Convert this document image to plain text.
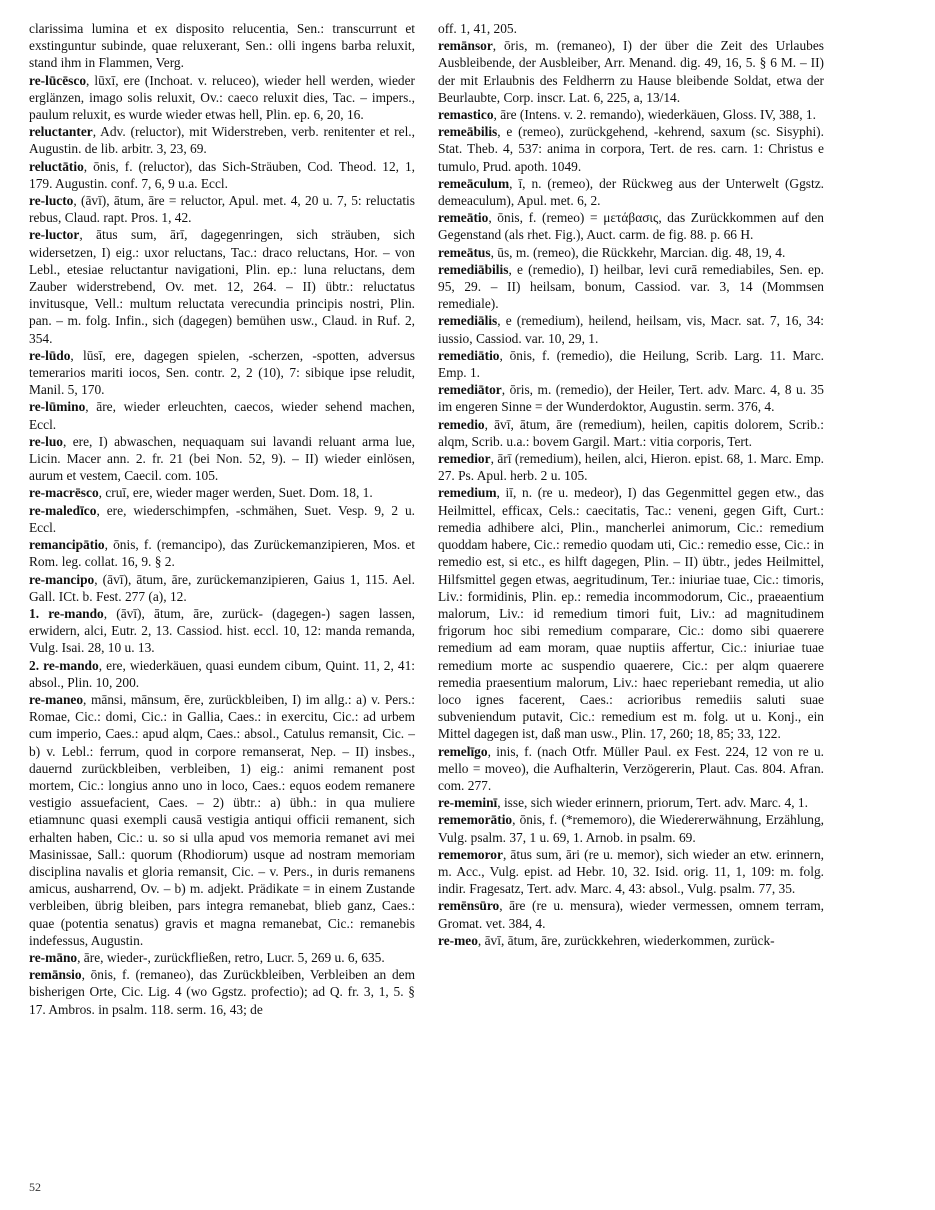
clarissima lumina et ex disposito relucentia, Sen.: transcurrunt et exstinguntur subinde, quae reluxerant, Sen.: olli ingens barba reluxit, stand ihm in Flammen, Verg.

re-lūcēsco, lūxī, ere (Inchoat. v. reluceo), wieder hell werden, wieder erglänzen, imago solis reluxit, Ov.: caeco reluxit dies, Tac. – impers., paulum reluxit, es wurde wieder etwas hell, Plin. ep. 6, 20, 16.

reluctanter, Adv. (reluctor), mit Widerstreben, verb. renitenter et rel., Augustin. de lib. arbitr. 3, 23, 69.

reluctātio, ōnis, f. (reluctor), das Sich-Sträuben, Cod. Theod. 12, 1, 179. Augustin. conf. 7, 6, 9 u.a. Eccl.

re-lucto, (āvī), ātum, āre = reluctor, Apul. met. 4, 20 u. 7, 5: reluctatis rebus, Claud. rapt. Pros. 1, 42.

re-luctor, ātus sum, ārī, dagegenringen, sich sträuben, sich widersetzen, I) eig.: uxor reluctans, Tac.: draco reluctans, Hor. – von Lebl., etesiae reluctantur navigationi, Plin. ep.: luna reluctans, dem Zauber widerstrebend, Ov. met. 12, 264. – II) übtr.: reluctatus invitusque, Vell.: multum reluctata verecundia principis nostri, Plin. pan. – m. folg. Infin., sich (dagegen) bemühen usw., Claud. in Ruf. 2, 354.

re-lūdo, lūsī, ere, dagegen spielen, -scherzen, -spotten, adversus temerarios mariti iocos, Sen. contr. 2, 2 (10), 7: sibique ipse reludit, Manil. 5, 170.

re-lūmino, āre, wieder erleuchten, caecos, wieder sehend machen, Eccl.

re-luo, ere, I) abwaschen, nequaquam sui lavandi reluant arma lue, Licin. Macer ann. 2. fr. 21 (bei Non. 52, 9). – II) wieder einlösen, aurum et vestem, Caecil. com. 105.

re-macrēsco, cruī, ere, wieder mager werden, Suet. Dom. 18, 1.

re-maledīco, ere, wiederschimpfen, -schmähen, Suet. Vesp. 9, 2 u. Eccl.

remancipātio, ōnis, f. (remancipo), das Zurückemanzipieren, Mos. et Rom. leg. collat. 16, 9. § 2.

re-mancipo, (āvī), ātum, āre, zurückemanzipieren, Gaius 1, 115. Ael. Gall. ICt. b. Fest. 277 (a), 12.

1. re-mando, (āvī), ātum, āre, zurück- (dagegen-) sagen lassen, erwidern, alci, Eutr. 2, 13. Cassiod. hist. eccl. 10, 12: manda remanda, Vulg. Isai. 28, 10 u. 13.

2. re-mando, ere, wiederkäuen, quasi eundem cibum, Quint. 11, 2, 41: absol., Plin. 10, 200.

re-maneo, mānsi, mānsum, ēre, zurückbleiben, I) im allg.: a) v. Pers.: Romae, Cic.: domi, Cic.: in Gallia, Caes.: in exercitu, Cic.: ad urbem cum imperio, Caes.: apud alqm, Caes.: absol., Catulus remansit, Cic. – b) v. Lebl.: ferrum, quod in corpore remanserat, Nep. – II) insbes., dauernd zurückbleiben, verbleiben, 1) eig.: animi remanent post mortem, Cic.: longius anno uno in loco, Caes.: equos eodem remanere vestigio assuefacient, Caes. – 2) übtr.: a) übh.: in qua muliere etiamnunc quasi exempli causā vestigia antiqui officii remanent, sich erhalten haben, Cic.: u. so si ulla apud vos memoria remanet avi mei Masinissae, Sall.: quorum (Rhodiorum) usque ad nostram memoriam disciplina navalis et gloria remansit, Cic. – v. Pers., in duris remanens amicus, ausharrend, Ov. – b) m. adjekt. Prädikate = in einem Zustande verbleiben, übrig bleiben, pars integra remanebat, blieb ganz, Caes.: quae (potentia senatus) gravis et magna remanebat, Cic.: remanebis indefessus, Augustin.

re-māno, āre, wieder-, zurückfließen, retro, Lucr. 5, 269 u. 6, 635.

remānsio, ōnis, f. (remaneo), das Zurückbleiben, Verbleiben an dem bisherigen Orte, Cic. Lig. 4 (wo Ggstz. profectio); ad Q. fr. 3, 1, 5. § 17. Ambros. in psalm. 118. serm. 16, 43; de

off. 1, 41, 205.

remānsor, ōris, m. (remaneo), I) der über die Zeit des Urlaubes Ausbleibende, der Ausbleiber, Arr. Menand. dig. 49, 16, 5. § 6 M. – II) der mit Erlaubnis des Feldherrn zu Hause bleibende Soldat, etwa der Beurlaubte, Corp. inscr. Lat. 6, 225, a, 13/14.

remastico, āre (Intens. v. 2. remando), wiederkäuen, Gloss. IV, 388, 1.

remeābilis, e (remeo), zurückgehend, -kehrend, saxum (sc. Sisyphi). Stat. Theb. 4, 537: anima in corpora, Tert. de res. carn. 1: Christus e tumulo, Prud. apoth. 1049.

remeāculum, ī, n. (remeo), der Rückweg aus der Unterwelt (Ggstz. demeaculum), Apul. met. 6, 2.

remeātio, ōnis, f. (remeo) = μετάβασις, das Zurückkommen auf den Gegenstand (als rhet. Fig.), Auct. carm. de fig. 88. p. 66 H.

remeātus, ūs, m. (remeo), die Rückkehr, Marcian. dig. 48, 19, 4.

remediābilis, e (remedio), I) heilbar, levi curā remediabiles, Sen. ep. 95, 29. – II) heilsam, bonum, Cassiod. var. 3, 14 (Mommsen remediale).

remediālis, e (remedium), heilend, heilsam, vis, Macr. sat. 7, 16, 34: iussio, Cassiod. var. 10, 29, 1.

remediātio, ōnis, f. (remedio), die Heilung, Scrib. Larg. 11. Marc. Emp. 1.

remediātor, ōris, m. (remedio), der Heiler, Tert. adv. Marc. 4, 8 u. 35 im engeren Sinne = der Wunderdoktor, Augustin. serm. 376, 4.

remedio, āvī, ātum, āre (remedium), heilen, capitis dolorem, Scrib.: alqm, Scrib. u.a.: bovem Gargil. Mart.: vitia corporis, Tert.

remedior, ārī (remedium), heilen, alci, Hieron. epist. 68, 1. Marc. Emp. 27. Ps. Apul. herb. 2 u. 105.

remedium, iī, n. (re u. medeor), I) das Gegenmittel gegen etw., das Heilmittel, efficax, Cels.: caecitatis, Tac.: veneni, gegen Gift, Curt.: remedia adhibere alci, Plin., mancherlei animorum, Cic.: remedium quoddam habere, Cic.: remedio quodam uti, Cic.: remedio esse, Cic.: in remedio est, si etc., es hilft dagegen, Plin. – II) übtr., jedes Heilmittel, Hilfsmittel gegen etwas, aegritudinum, Ter.: iniuriae tuae, Cic.: timoris, Liv.: formidinis, Plin. ep.: remedia incommodorum, Cic., praeaentium malorum, Liv.: id remedium timori fuit, Liv.: ad magnitudinem frigorum hoc sibi remedium comparare, Cic.: domo sibi quaerere remedium ad eam moram, quae nuptiis affertur, Cic.: iniuriae tuae remedium morte ac suspendio quaerere, Cic.: per alqm quaerere remedia praesentium malorum, Liv.: haec reperiebant remedia, ut alio loco ignes facerent, Caes.: acrioribus remediis saluti suae subveniendum putavit, Cic.: remedium est m. folg. ut u. Konj., ein Mittel dagegen ist, daß man usw., Plin. 17, 260; 18, 85; 33, 122.

remelīgo, inis, f. (nach Otfr. Müller Paul. ex Fest. 224, 12 von re u. mello = moveo), die Aufhalterin, Verzögererin, Plaut. Cas. 804. Afran. com. 277.

re-meminī, isse, sich wieder erinnern, priorum, Tert. adv. Marc. 4, 1.

rememorātio, ōnis, f. (*rememoro), die Wiedererwähnung, Erzählung, Vulg. psalm. 37, 1 u. 69, 1. Arnob. in psalm. 69.

rememoror, ātus sum, āri (re u. memor), sich wieder an etw. erinnern, m. Acc., Vulg. epist. ad Hebr. 10, 32. Isid. orig. 11, 1, 109: m. folg. indir. Fragesatz, Tert. adv. Marc. 4, 43: absol., Vulg. psalm. 77, 35.

remēnsūro, āre (re u. mensura), wieder vermessen, omnem terram, Gromat. vet. 384, 4.

re-meo, āvī, ātum, āre, zurückkehren, wiederkommen, zurück-

52
